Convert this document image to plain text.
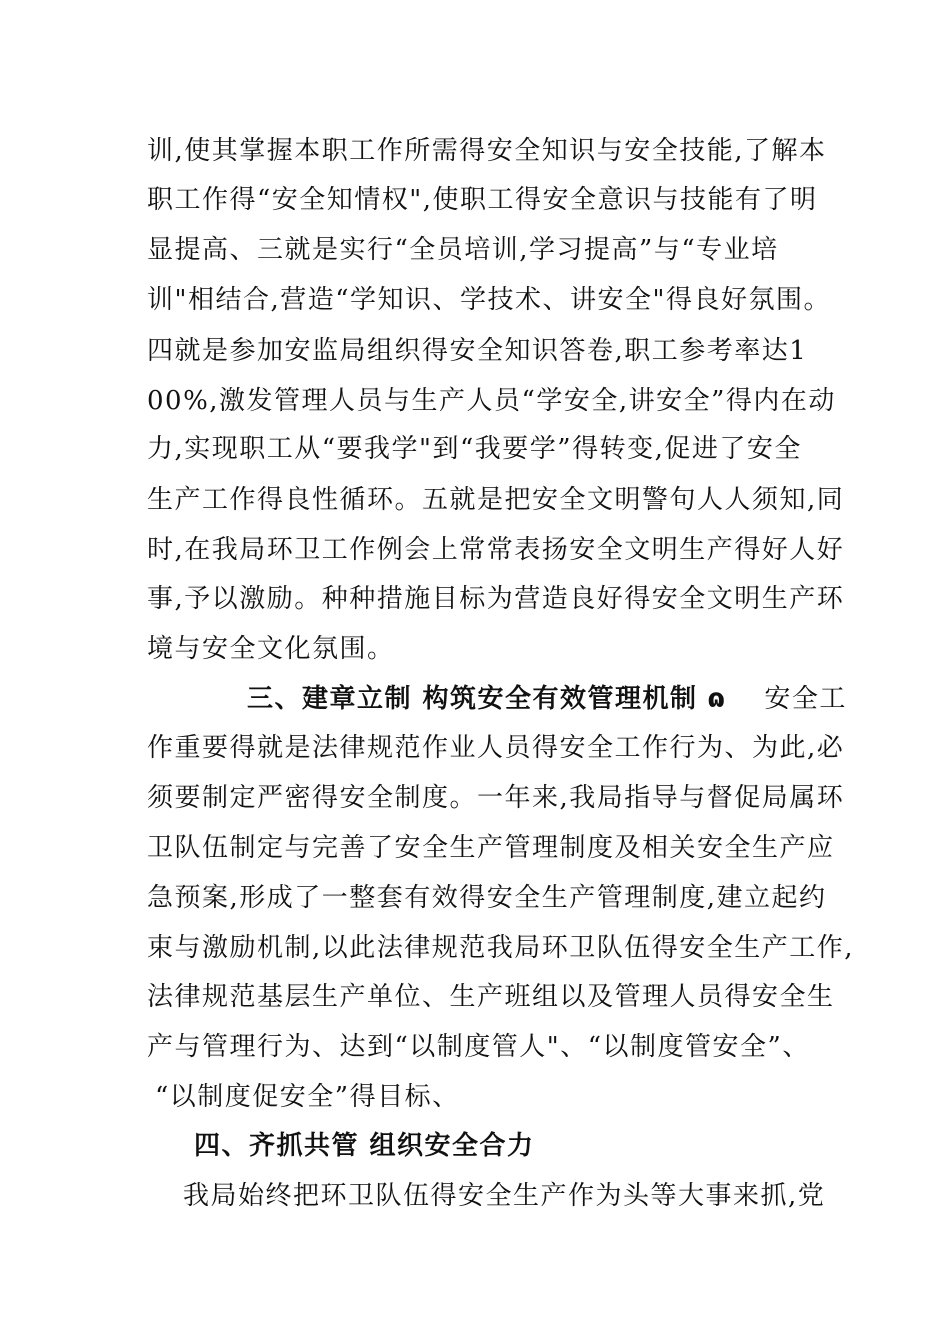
训,使其掌握本职工作所需得安全知识与安全技能,了解本
职工作得“安全知情权",使职工得安全意识与技能有了明
显提高、三就是实行“全员培训,学习提高”与“专业培
训"相结合,营造“学知识、学技术、讲安全"得良好氛围。
四就是参加安监局组织得安全知识答卷,职工参考率达1
00%,激发管理人员与生产人员“学安全,讲安全”得内在动
力,实现职工从“要我学"到“我要学”得转变,促进了安全
生产工作得良性循环。五就是把安全文明警句人人须知,同
时,在我局环卫工作例会上常常表扬安全文明生产得好人好
事,予以激励。种种措施目标为营造良好得安全文明生产环
境与安全文化氛围。
三、建章立制 构筑安全有效管理机制 ɷ 安全工
作重要得就是法律规范作业人员得安全工作行为、为此,必
须要制定严密得安全制度。一年来,我局指导与督促局属环
卫队伍制定与完善了安全生产管理制度及相关安全生产应
急预案,形成了一整套有效得安全生产管理制度,建立起约
束与激励机制,以此法律规范我局环卫队伍得安全生产工作,
法律规范基层生产单位、生产班组以及管理人员得安全生
产与管理行为、达到“以制度管人"、“以制度管安全”、
“以制度促安全”得目标、
四、齐抓共管 组织安全合力
我局始终把环卫队伍得安全生产作为头等大事来抓,党
